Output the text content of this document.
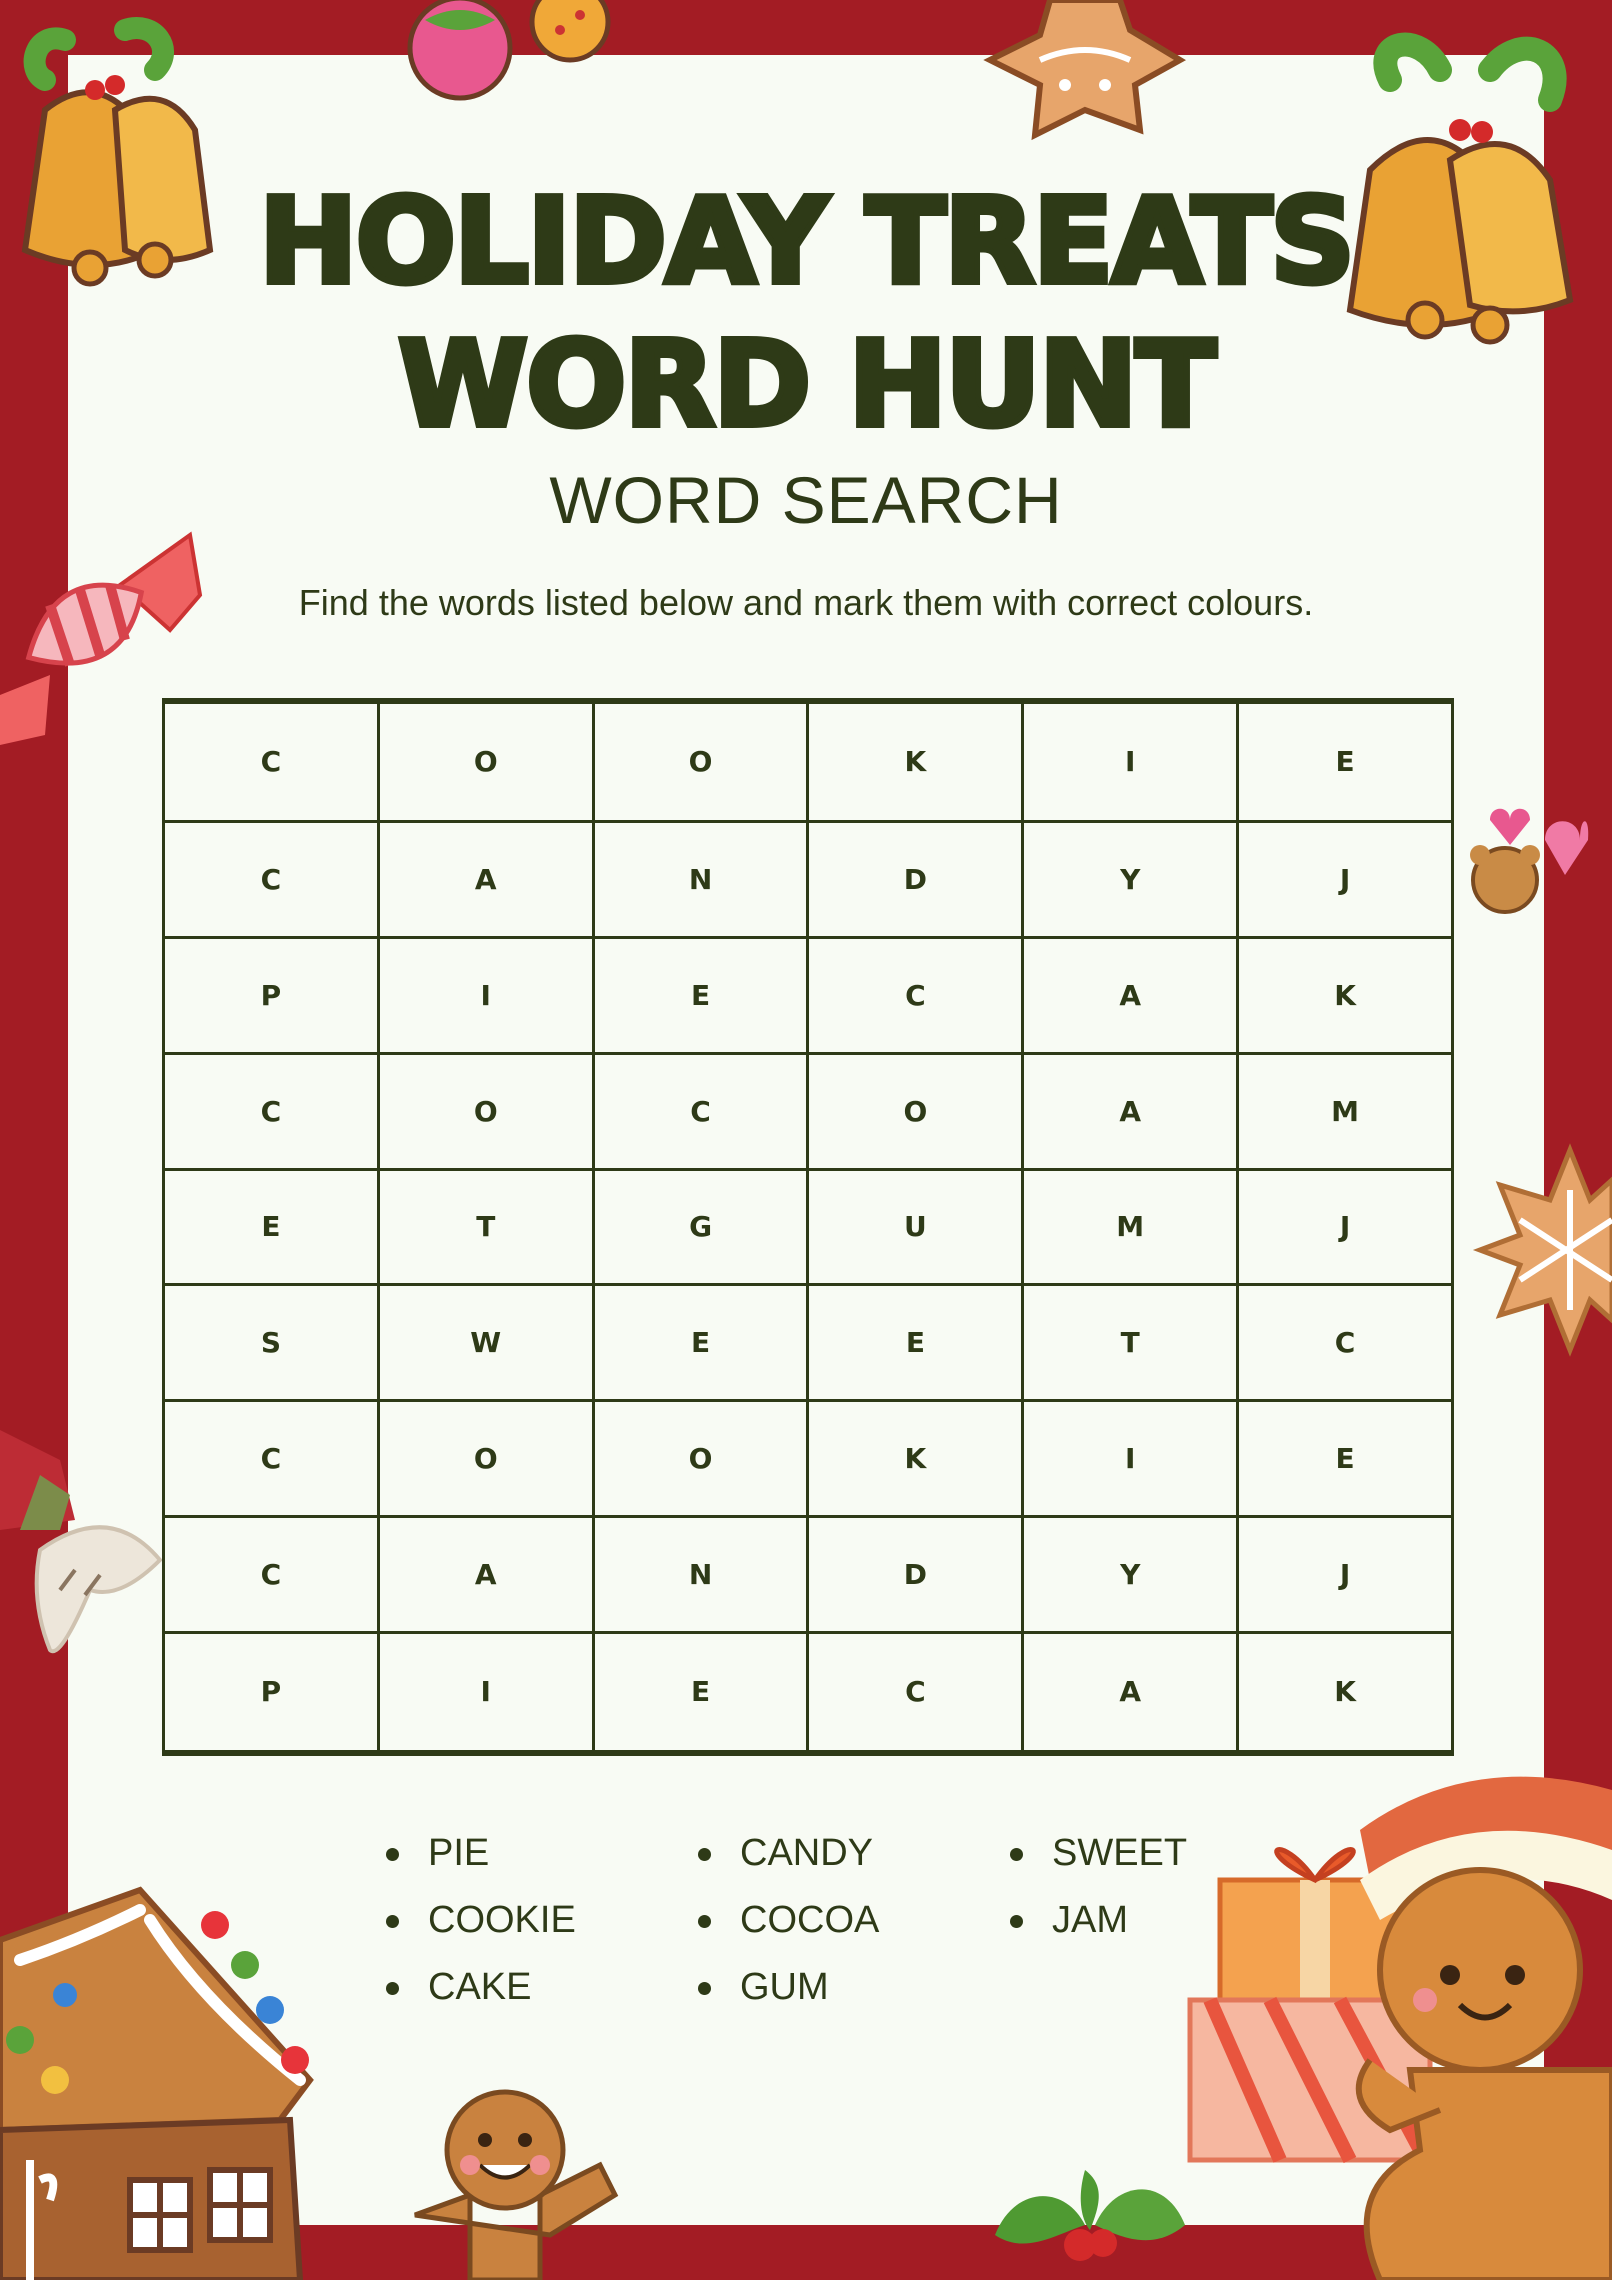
HOLIDAY TREATS
WORD HUNT
WORD SEARCH
Find the words listed below and mark them with correct colours.
C	O	O	K	I	E
C	A	N	D	Y	J
P	I	E	C	A	K
C	O	C	O	A	M
E	T	G	U	M	J
S	W	E	E	T	C
C	O	O	K	I	E
C	A	N	D	Y	J
P	I	E	C	A	K
PIE
COOKIE
CAKE
CANDY
COCOA
GUM
SWEET
JAM
